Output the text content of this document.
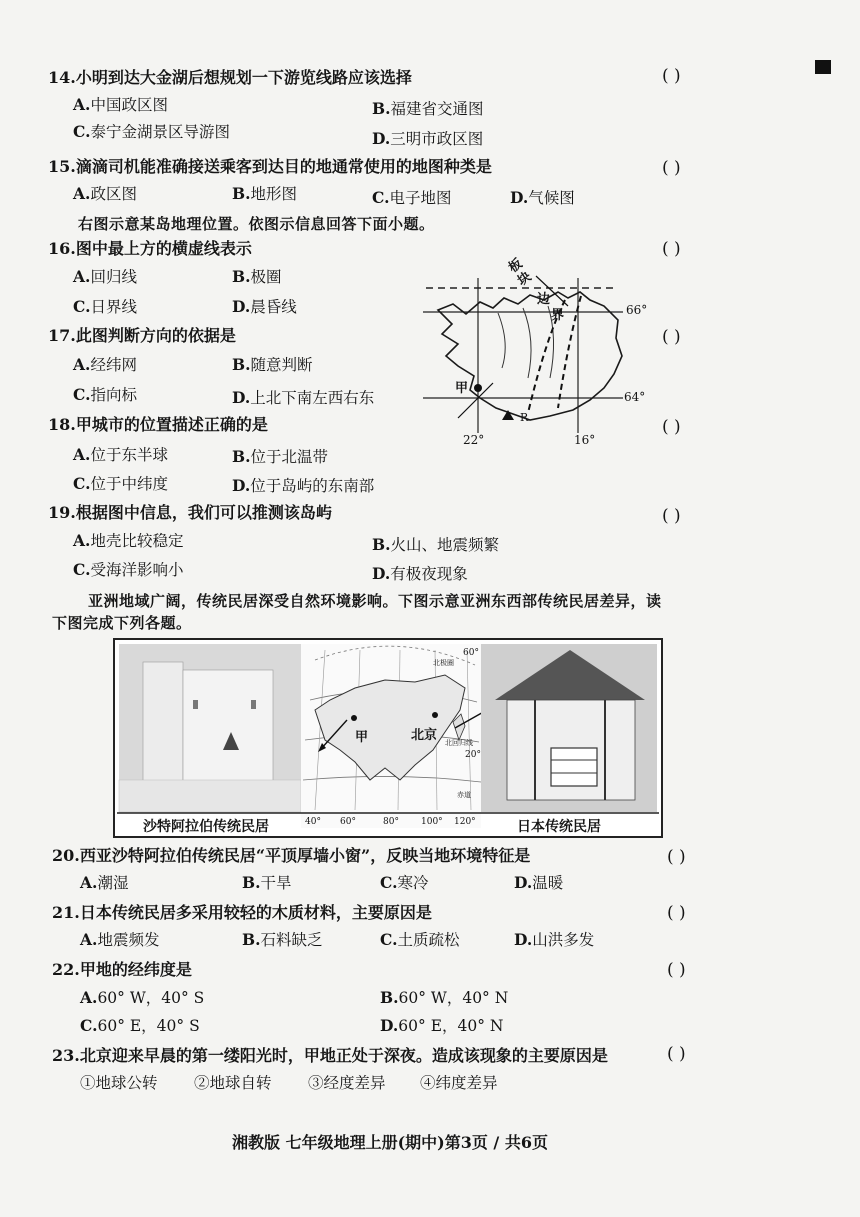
14.小明到达大金湖后想规划一下游览线路应该选择	( )
A.中国政区图	B.福建省交通图
C.泰宁金湖景区导游图	D.三明市政区图
15.滴滴司机能准确接送乘客到达目的地通常使用的地图种类是	( )
A.政区图	B.地形图	C.电子地图	D.气候图
右图示意某岛地理位置。依图示信息回答下面小题。
16.图中最上方的横虚线表示	( )
A.回归线	B.极圈
C.日界线	D.晨昏线
17.此图判断方向的依据是	( )
A.经纬网	B.随意判断
C.指向标	D.上北下南左西右东
18.甲城市的位置描述正确的是	( )
A.位于东半球	B.位于北温带
C.位于中纬度	D.位于岛屿的东南部
19.根据图中信息，我们可以推测该岛屿	( )
A.地壳比较稳定	B.火山、地震频繁
C.受海洋影响小	D.有极夜现象
亚洲地域广阔，传统民居深受自然环境影响。下图示意亚洲东西部传统民居差异，读
下图完成下列各题。
板
块
边
界	66°
64°
22°	16°
甲
R
沙特阿拉伯传统民居	日本传统民居
40° 60°	80° 100° 120°
60°
20°
北极圈
北回归线
赤道
甲	北京
20.西亚沙特阿拉伯传统民居“平顶厚墙小窗”，反映当地环境特征是	( )
A.潮湿	B.干旱	C.寒冷	D.温暖
21.日本传统民居多采用较轻的木质材料，主要原因是	( )
A.地震频发	B.石料缺乏	C.土质疏松	D.山洪多发
22.甲地的经纬度是	( )
A.60° W，40° S	B.60° W，40° N
C.60° E，40° S	D.60° E，40° N
23.北京迎来早晨的第一缕阳光时，甲地正处于深夜。造成该现象的主要原因是	( )
①地球公转 ②地球自转 ③经度差异 ④纬度差异
湘教版 七年级地理上册(期中)第3页 / 共6页
